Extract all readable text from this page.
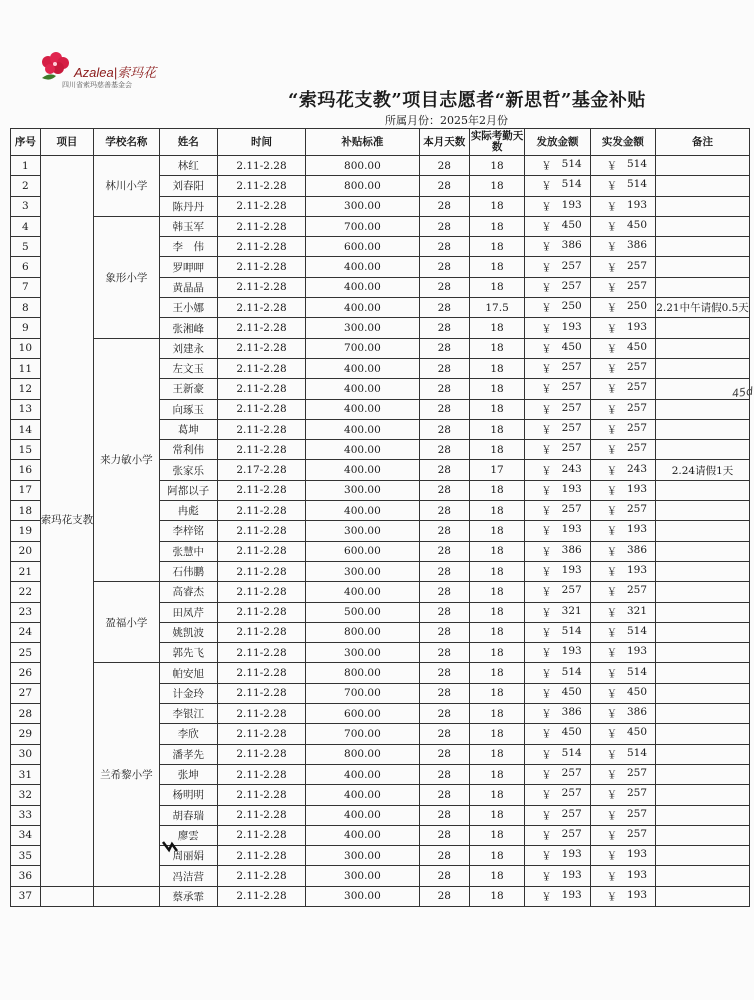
Azalea|索玛花
四川省索玛慈善基金会
“索玛花支教”项目志愿者“新思哲”基金补贴
所属月份：2025年2月份
序号	项目	学校名称	姓名	时间	补贴标准	本月天数	实际考勤天数	发放金额	实发金额	备注
1	索玛花支教	林川小学	林红	2.11-2.28	800.00	28	18	￥ 514	￥ 514	

2			刘春阳	2.11-2.28	800.00	28	18	￥ 514	￥ 514	

3			陈丹丹	2.11-2.28	300.00	28	18	￥ 193	￥ 193	

4		象形小学	韩玉军	2.11-2.28	700.00	28	18	￥ 450	￥ 450	

5			李　伟	2.11-2.28	600.00	28	18	￥ 386	￥ 386	

6			罗呷呷	2.11-2.28	400.00	28	18	￥ 257	￥ 257	

7			黄晶晶	2.11-2.28	400.00	28	18	￥ 257	￥ 257	

8			王小娜	2.11-2.28	400.00	28	17.5	￥ 250	￥ 250	2.21中午请假0.5天
9			张湘峰	2.11-2.28	300.00	28	18	￥ 193	￥ 193	

10		来力敏小学	刘建永	2.11-2.28	700.00	28	18	￥ 450	￥ 450	

11			左文玉	2.11-2.28	400.00	28	18	￥ 257	￥ 257	

12			王新豪	2.11-2.28	400.00	28	18	￥ 257	￥ 257	

13			向琢玉	2.11-2.28	400.00	28	18	￥ 257	￥ 257	

14			葛坤	2.11-2.28	400.00	28	18	￥ 257	￥ 257	

15			常利伟	2.11-2.28	400.00	28	18	￥ 257	￥ 257	

16			张家乐	2.17-2.28	400.00	28	17	￥ 243	￥ 243	2.24请假1天
17			阿都以子	2.11-2.28	300.00	28	18	￥ 193	￥ 193	

18			冉彪	2.11-2.28	400.00	28	18	￥ 257	￥ 257	

19			李梓铭	2.11-2.28	300.00	28	18	￥ 193	￥ 193	

20			张慧中	2.11-2.28	600.00	28	18	￥ 386	￥ 386	

21			石伟鹏	2.11-2.28	300.00	28	18	￥ 193	￥ 193	

22		盈福小学	高睿杰	2.11-2.28	400.00	28	18	￥ 257	￥ 257	

23			田凤芹	2.11-2.28	500.00	28	18	￥ 321	￥ 321	

24			姚凯波	2.11-2.28	800.00	28	18	￥ 514	￥ 514	

25			郭先飞	2.11-2.28	300.00	28	18	￥ 193	￥ 193	

26		兰希黎小学	帕安旭	2.11-2.28	800.00	28	18	￥ 514	￥ 514	

27			计金玲	2.11-2.28	700.00	28	18	￥ 450	￥ 450	

28			李银江	2.11-2.28	600.00	28	18	￥ 386	￥ 386	

29			李欣	2.11-2.28	700.00	28	18	￥ 450	￥ 450	

30			潘孝先	2.11-2.28	800.00	28	18	￥ 514	￥ 514	

31			张坤	2.11-2.28	400.00	28	18	￥ 257	￥ 257	

32			杨明明	2.11-2.28	400.00	28	18	￥ 257	￥ 257	

33			胡春瑞	2.11-2.28	400.00	28	18	￥ 257	￥ 257	

34			廖雲	2.11-2.28	400.00	28	18	￥ 257	￥ 257	

35			周丽娟	2.11-2.28	300.00	28	18	￥ 193	￥ 193	

36			冯洁营	2.11-2.28	300.00	28	18	￥ 193	￥ 193	

37			蔡承霏	2.11-2.28	300.00	28	18	￥ 193	￥ 193	

45d
